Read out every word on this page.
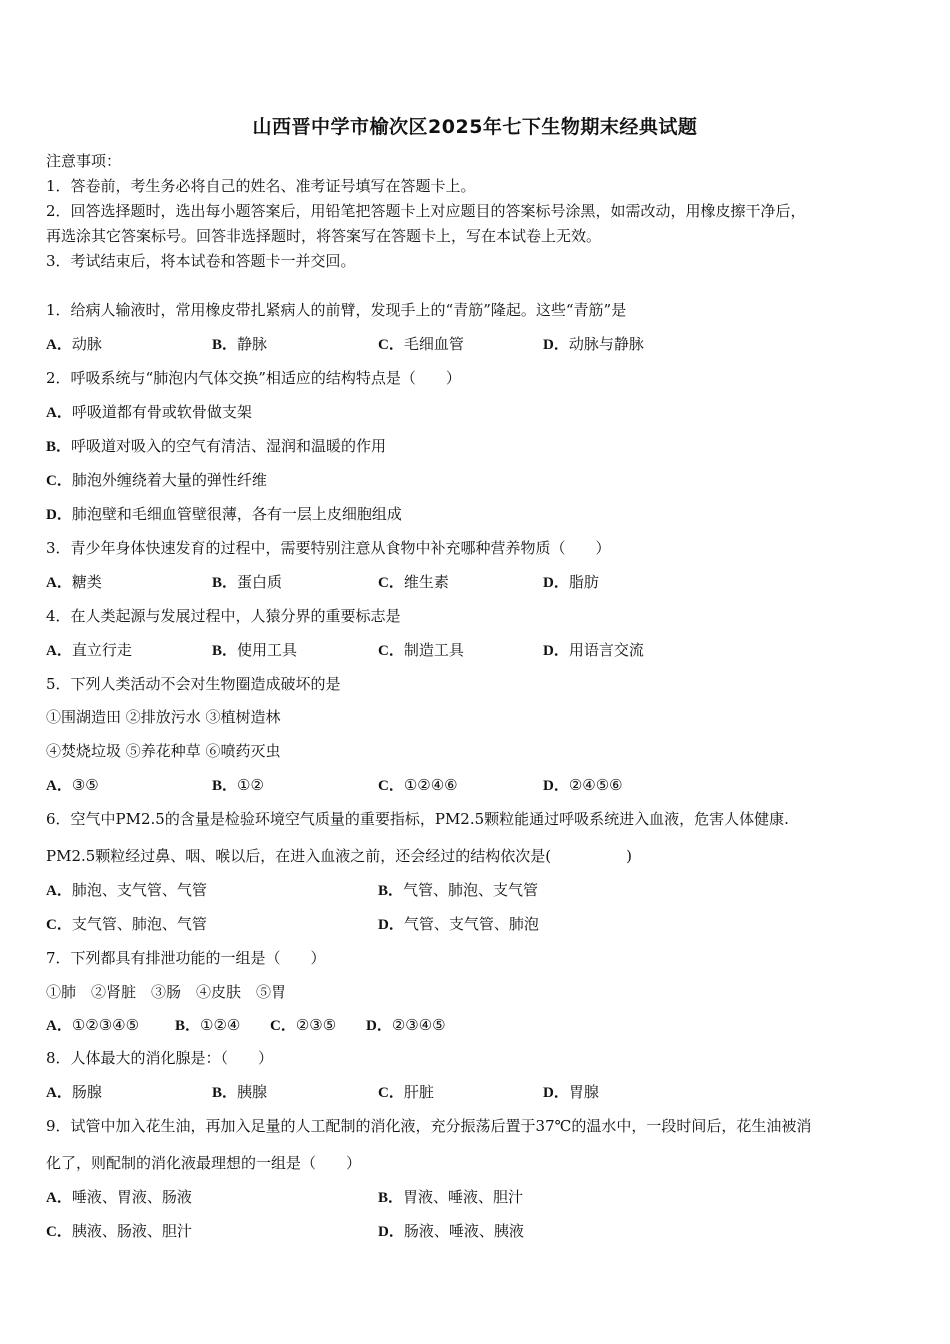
山西晋中学市榆次区2025年七下生物期末经典试题
注意事项：
1．答卷前，考生务必将自己的姓名、准考证号填写在答题卡上。
2．回答选择题时，选出每小题答案后，用铅笔把答题卡上对应题目的答案标号涂黑，如需改动，用橡皮擦干净后，
再选涂其它答案标号。回答非选择题时，将答案写在答题卡上，写在本试卷上无效。
3．考试结束后，将本试卷和答题卡一并交回。
1．给病人输液时，常用橡皮带扎紧病人的前臂，发现手上的“青筋”隆起。这些“青筋”是
A．动脉	B．静脉	C．毛细血管	D．动脉与静脉
2．呼吸系统与“肺泡内气体交换”相适应的结构特点是（　　）
A．呼吸道都有骨或软骨做支架
B．呼吸道对吸入的空气有清洁、湿润和温暖的作用
C．肺泡外缠绕着大量的弹性纤维
D．肺泡壁和毛细血管壁很薄，各有一层上皮细胞组成
3．青少年身体快速发育的过程中，需要特别注意从食物中补充哪种营养物质（　　）
A．糖类	B．蛋白质	C．维生素	D．脂肪
4．在人类起源与发展过程中，人猿分界的重要标志是
A．直立行走	B．使用工具	C．制造工具	D．用语言交流
5．下列人类活动不会对生物圈造成破坏的是
①围湖造田 ②排放污水 ③植树造林
④焚烧垃圾 ⑤养花种草 ⑥喷药灭虫
A．③⑤	B．①②	C．①②④⑥	D．②④⑤⑥
6．空气中PM2.5的含量是检验环境空气质量的重要指标，PM2.5颗粒能通过呼吸系统进入血液，危害人体健康.
PM2.5颗粒经过鼻、咽、喉以后，在进入血液之前，还会经过的结构依次是(　　　　　)
A．肺泡、支气管、气管	B．气管、肺泡、支气管
C．支气管、肺泡、气管	D．气管、支气管、肺泡
7．下列都具有排泄功能的一组是（　　）
①肺　②肾脏　③肠　④皮肤　⑤胃
A．①②③④⑤ B．①②④ C．②③⑤ D．②③④⑤
8．人体最大的消化腺是：（　　）
A．肠腺	B．胰腺	C．肝脏	D．胃腺
9．试管中加入花生油，再加入足量的人工配制的消化液，充分振荡后置于37℃的温水中，一段时间后，花生油被消
化了，则配制的消化液最理想的一组是（　　）
A．唾液、胃液、肠液	B．胃液、唾液、胆汁
C．胰液、肠液、胆汁	D．肠液、唾液、胰液
